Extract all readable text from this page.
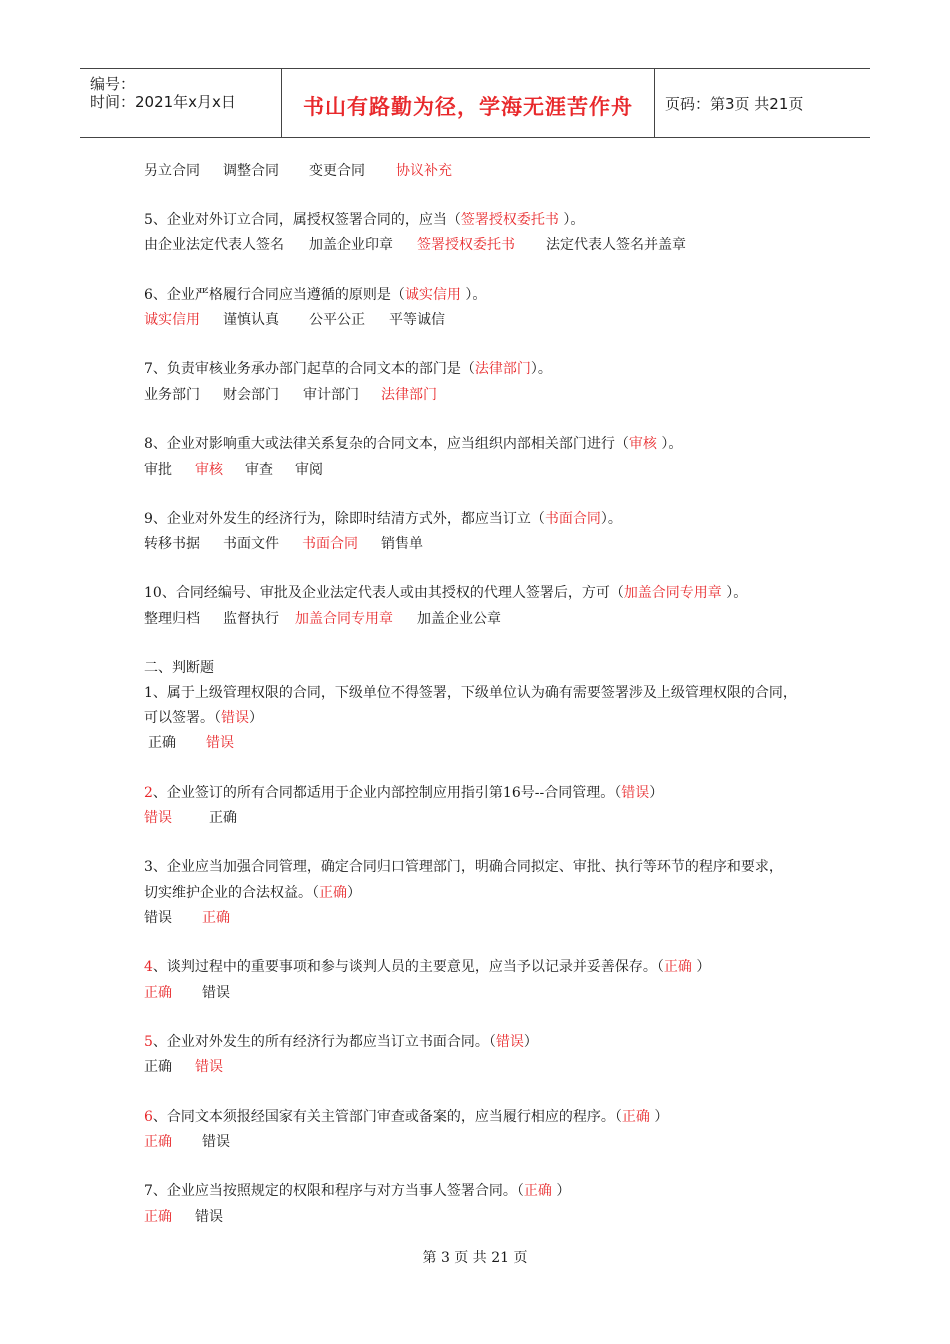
编号：
时间：2021年x月x日	书山有路勤为径，学海无涯苦作舟	页码：第3页 共21页
另立合同 调整合同 变更合同 协议补充
5、企业对外订立合同，属授权签署合同的，应当（签署授权委托书 ）。
由企业法定代表人签名 加盖企业印章 签署授权委托书 法定代表人签名并盖章
6、企业严格履行合同应当遵循的原则是（诚实信用 ）。
诚实信用 谨慎认真 公平公正 平等诚信
7、负责审核业务承办部门起草的合同文本的部门是（法律部门）。
业务部门 财会部门 审计部门 法律部门
8、企业对影响重大或法律关系复杂的合同文本，应当组织内部相关部门进行（审核 ）。
审批 审核 审查 审阅
9、企业对外发生的经济行为，除即时结清方式外，都应当订立（书面合同）。
转移书据 书面文件 书面合同 销售单
10、合同经编号、审批及企业法定代表人或由其授权的代理人签署后，方可（加盖合同专用章 ）。
整理归档 监督执行 加盖合同专用章 加盖企业公章
二、判断题
1、属于上级管理权限的合同，下级单位不得签署，下级单位认为确有需要签署涉及上级管理权限的合同，
可以签署。（错误）
正确 错误
2、企业签订的所有合同都适用于企业内部控制应用指引第16号--合同管理。（错误）
错误	正确
3、企业应当加强合同管理，确定合同归口管理部门，明确合同拟定、审批、执行等环节的程序和要求，
切实维护企业的合法权益。（正确）
错误 正确
4、谈判过程中的重要事项和参与谈判人员的主要意见，应当予以记录并妥善保存。（正确 ）
正确 错误
5、企业对外发生的所有经济行为都应当订立书面合同。（错误）
正确 错误
6、合同文本须报经国家有关主管部门审查或备案的，应当履行相应的程序。（正确 ）
正确 错误
7、企业应当按照规定的权限和程序与对方当事人签署合同。（正确 ）
正确 错误
第 3 页 共 21 页
